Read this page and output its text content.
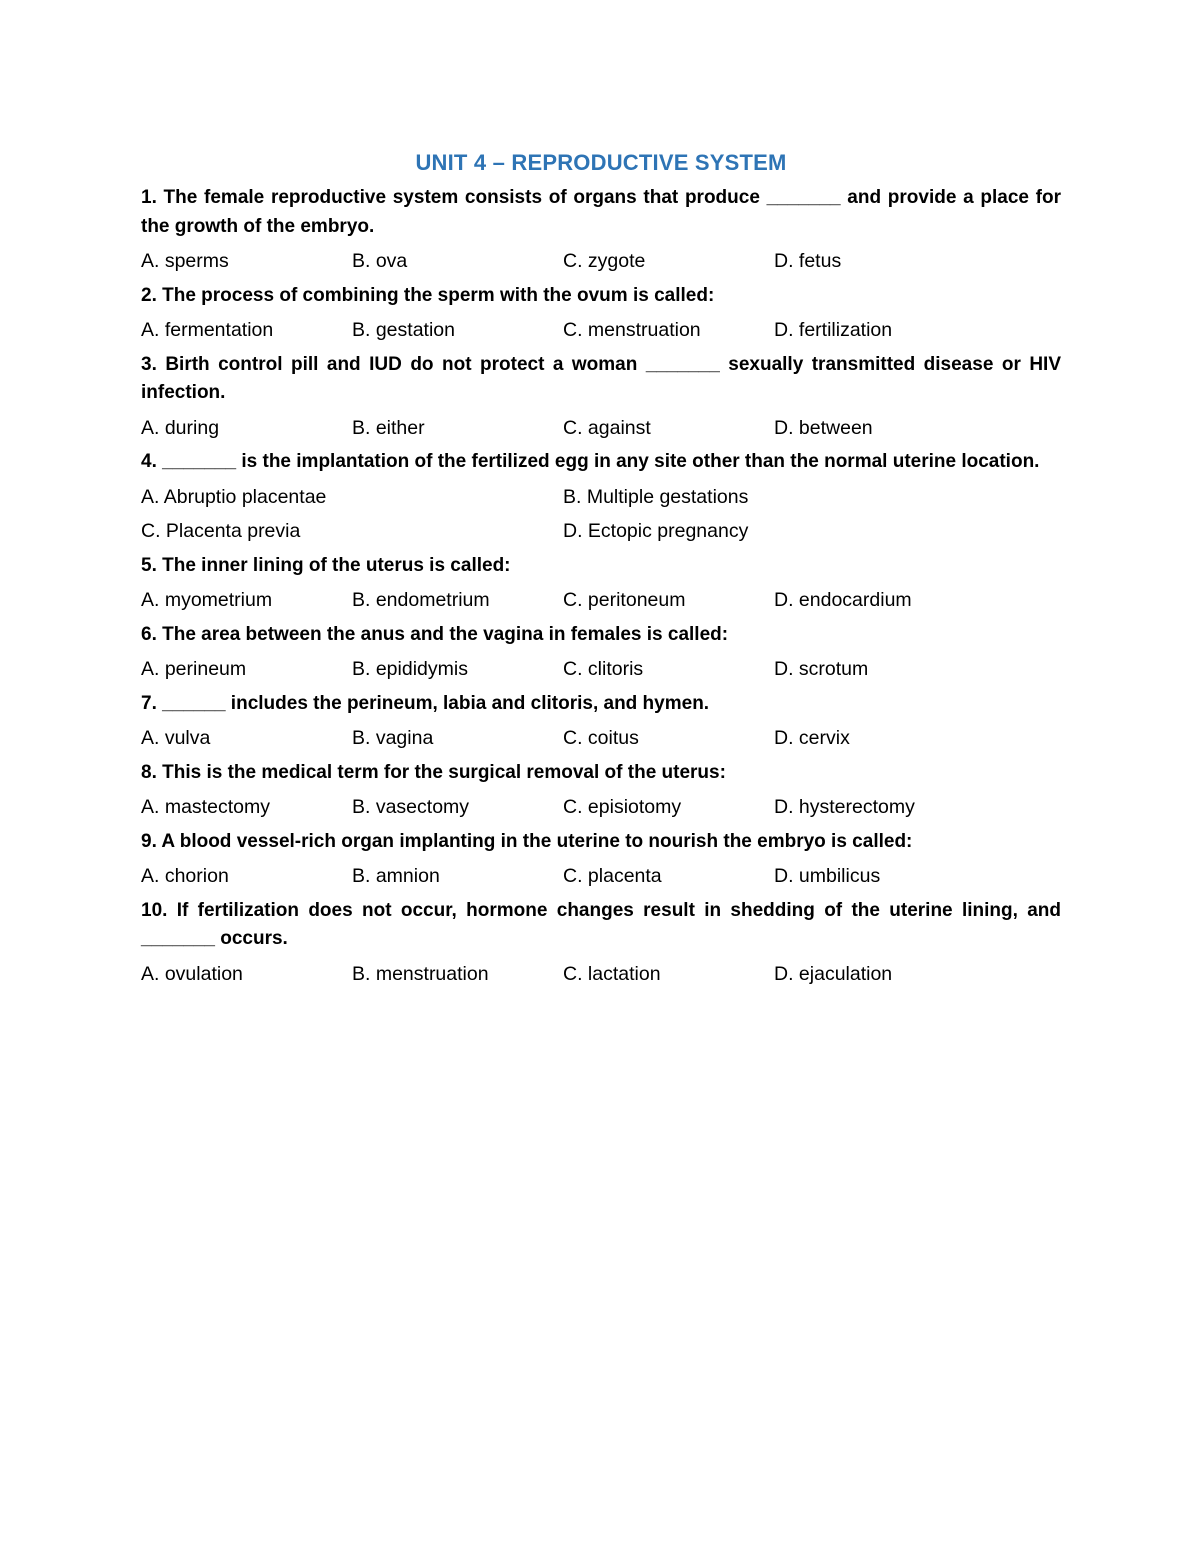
UNIT 4 – REPRODUCTIVE SYSTEM

1. The female reproductive system consists of organs that produce _______ and provide a place for the growth of the embryo.

A. sperms	B. ova	C. zygote	D. fetus

2. The process of combining the sperm with the ovum is called:

A. fermentation	B. gestation	C. menstruation	D. fertilization

3. Birth control pill and IUD do not protect a woman _______ sexually transmitted disease or HIV infection.

A. during	B. either	C. against	D. between

4. _______ is the implantation of the fertilized egg in any site other than the normal uterine location.

A. Abruptio placentae	B. Multiple gestations
C. Placenta previa	D. Ectopic pregnancy

5. The inner lining of the uterus is called:

A. myometrium	B. endometrium	C. peritoneum	D. endocardium

6. The area between the anus and the vagina in females is called:

A. perineum	B. epididymis	C. clitoris	D. scrotum

7. ______ includes the perineum, labia and clitoris, and hymen.

A. vulva	B. vagina	C. coitus	D. cervix

8. This is the medical term for the surgical removal of the uterus:

A. mastectomy	B. vasectomy	C. episiotomy	D. hysterectomy

9. A blood vessel-rich organ implanting in the uterine to nourish the embryo is called:

A. chorion	B. amnion	C. placenta	D. umbilicus

10. If fertilization does not occur, hormone changes result in shedding of the uterine lining, and _______ occurs.

A. ovulation	B. menstruation	C. lactation	D. ejaculation
